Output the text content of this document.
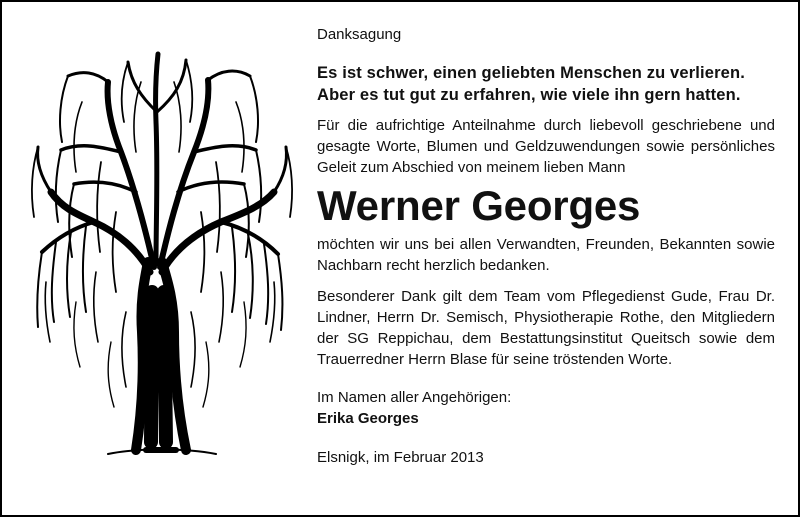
Danksagung

Es ist schwer, einen geliebten Menschen zu verlieren.
Aber es tut gut zu erfahren, wie viele ihn gern hatten.

Für die aufrichtige Anteilnahme durch liebevoll geschriebene und gesagte Worte, Blumen und Geldzuwendungen sowie persönliches Geleit zum Abschied von meinem lieben Mann

Werner Georges

möchten wir uns bei allen Verwandten, Freunden, Bekannten sowie Nachbarn recht herzlich bedanken.

Besonderer Dank gilt dem Team vom Pflegedienst Gude, Frau Dr. Lindner, Herrn Dr. Semisch, Physiotherapie Rothe, den Mitgliedern der SG Reppichau, dem Bestattungsinstitut Queitsch sowie dem Trauerredner Herrn Blase für seine tröstenden Worte.

Im Namen aller Angehörigen:

Erika Georges

Elsnigk, im Februar 2013
